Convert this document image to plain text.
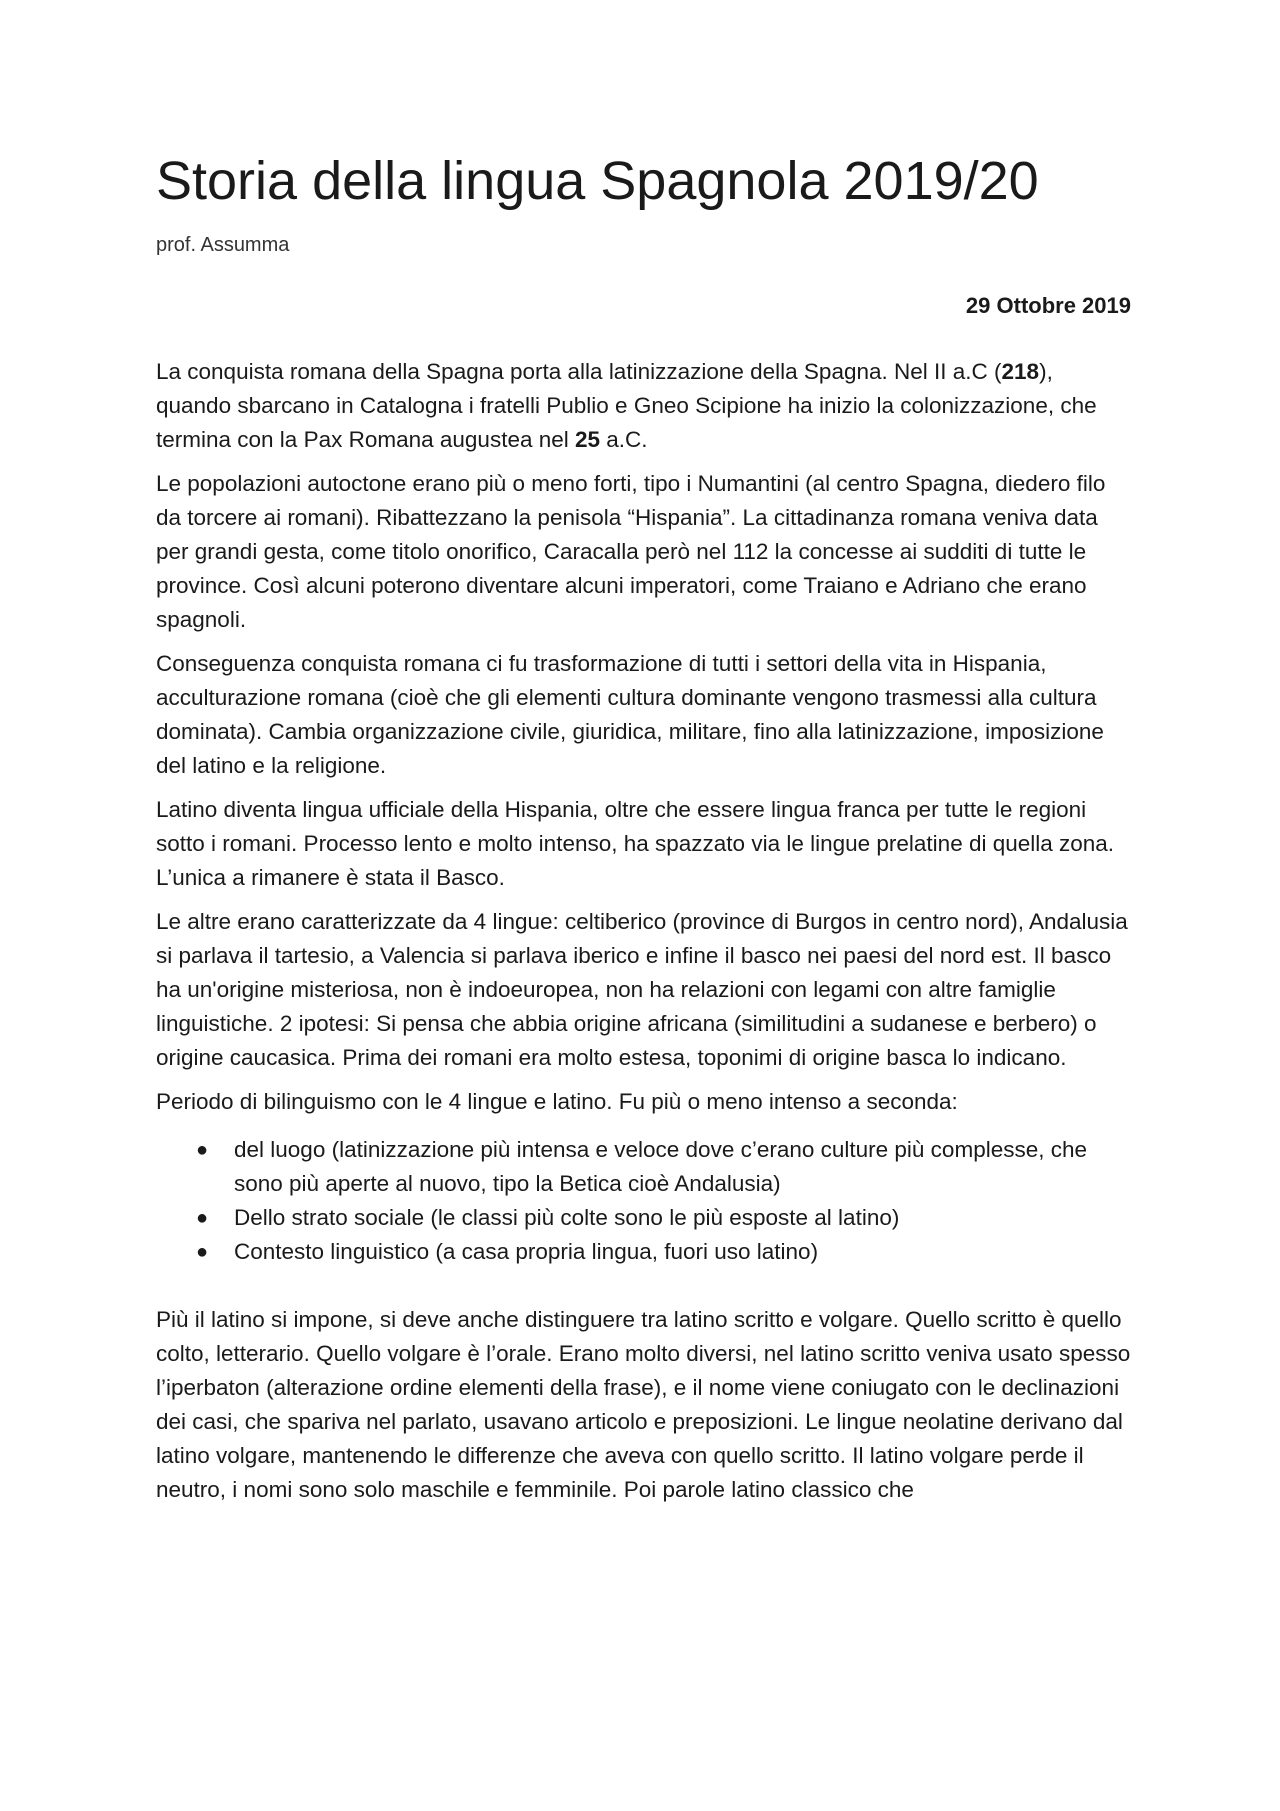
Storia della lingua Spagnola 2019/20

prof. Assumma

29 Ottobre 2019

La conquista romana della Spagna porta alla latinizzazione della Spagna. Nel II a.C (218), quando sbarcano in Catalogna i fratelli Publio e Gneo Scipione ha inizio la colonizzazione, che termina con la Pax Romana augustea nel 25 a.C.

Le popolazioni autoctone erano più o meno forti, tipo i Numantini (al centro Spagna, diedero filo da torcere ai romani). Ribattezzano la penisola “Hispania”. La cittadinanza romana veniva data per grandi gesta, come titolo onorifico, Caracalla però nel 112 la concesse ai sudditi di tutte le province. Così alcuni poterono diventare alcuni imperatori, come Traiano e Adriano che erano spagnoli.

Conseguenza conquista romana ci fu trasformazione di tutti i settori della vita in Hispania, acculturazione romana (cioè che gli elementi cultura dominante vengono trasmessi alla cultura dominata). Cambia organizzazione civile, giuridica, militare, fino alla latinizzazione, imposizione del latino e la religione.

Latino diventa lingua ufficiale della Hispania, oltre che essere lingua franca per tutte le regioni sotto i romani. Processo lento e molto intenso, ha spazzato via le lingue prelatine di quella zona. L’unica a rimanere è stata il Basco.

Le altre erano caratterizzate da 4 lingue: celtiberico (province di Burgos in centro nord), Andalusia si parlava il tartesio, a Valencia si parlava iberico e infine il basco nei paesi del nord est. Il basco ha un'origine misteriosa, non è indoeuropea, non ha relazioni con legami con altre famiglie linguistiche. 2 ipotesi: Si pensa che abbia origine africana (similitudini a sudanese e berbero) o origine caucasica. Prima dei romani era molto estesa, toponimi di origine basca lo indicano.

Periodo di bilinguismo con le 4 lingue e latino. Fu più o meno intenso a seconda:

● del luogo (latinizzazione più intensa e veloce dove c’erano culture più complesse, che sono più aperte al nuovo, tipo la Betica cioè Andalusia)
● Dello strato sociale (le classi più colte sono le più esposte al latino)
● Contesto linguistico (a casa propria lingua, fuori uso latino)

Più il latino si impone, si deve anche distinguere tra latino scritto e volgare. Quello scritto è quello colto, letterario. Quello volgare è l’orale. Erano molto diversi, nel latino scritto veniva usato spesso l’iperbaton (alterazione ordine elementi della frase), e il nome viene coniugato con le declinazioni dei casi, che spariva nel parlato, usavano articolo e preposizioni. Le lingue neolatine derivano dal latino volgare, mantenendo le differenze che aveva con quello scritto. Il latino volgare perde il neutro, i nomi sono solo maschile e femminile. Poi parole latino classico che
